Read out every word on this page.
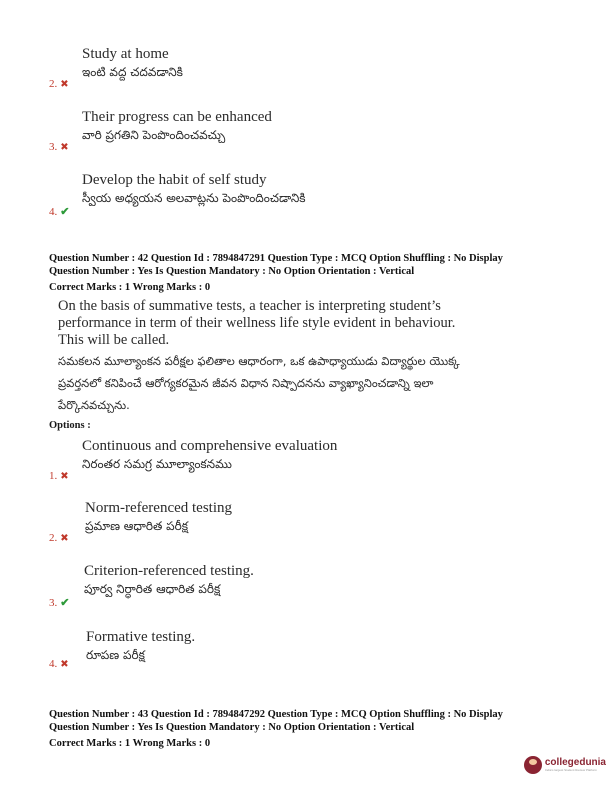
Study at home
ఇంటి వద్ద చదవడానికి
2. ✖
Their progress can be enhanced
వారి ప్రగతిని పెంపొందించవచ్చు
3. ✖
Develop the habit of self study
స్వీయ అధ్యయన అలవాట్లను పెంపొందించడానికి
4. ✔
Question Number : 42 Question Id : 7894847291 Question Type : MCQ Option Shuffling : No Display
Question Number : Yes Is Question Mandatory : No Option Orientation : Vertical
Correct Marks : 1 Wrong Marks : 0
On the basis of summative tests, a teacher is interpreting student’s
performance in term of their wellness life style evident in behaviour.
This will be called.
సమకలన మూల్యాంకన పరీక్షల ఫలితాల ఆధారంగా, ఒక ఉపాధ్యాయుడు విద్యార్థుల యొక్క
ప్రవర్తనలో కనిపించే ఆరోగ్యకరమైన జీవన విధాన నిష్పాదనను వ్యాఖ్యానించడాన్ని ఇలా
పేర్కొనవచ్చును.
Options :
Continuous and comprehensive evaluation
నిరంతర సమగ్ర మూల్యాంకనము
1. ✖
Norm-referenced testing
ప్రమాణ ఆధారిత పరీక్ష
2. ✖
Criterion-referenced testing.
పూర్వ నిర్ధారిత ఆధారిత పరీక్ష
3. ✔
Formative testing.
రూపణ పరీక్ష
4. ✖
Question Number : 43 Question Id : 7894847292 Question Type : MCQ Option Shuffling : No Display
Question Number : Yes Is Question Mandatory : No Option Orientation : Vertical
Correct Marks : 1 Wrong Marks : 0
collegedunia
India's largest Student Review Platform
